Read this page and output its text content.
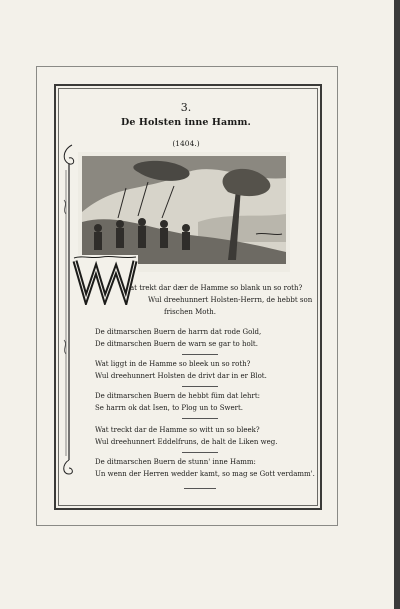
3.
De Holsten inne Hamm.
(1404.)
at trekt dar dær de Hamme so blank un so roth?
Wul dreehunnert Holsten-Herrn, de hebbt son
frischen Moth.
De ditmarschen Buern de harrn dat rode Gold,
De ditmarschen Buern de warn se gar to holt.
Wat liggt in de Hamme so bleek un so roth?
Wul dreehunnert Holsten de drivt dar in er Blot.
De ditmarschen Buern de hebbt füm dat lehrt:
Se harrn ok dat Isen, to Plog un to Swert.
Wat treckt dar de Hamme so witt un so bleek?
Wul dreehunnert Eddelfruns, de halt de Liken weg.
De ditmarschen Buern de stunn' inne Hamm:
Un wenn der Herren wedder kamt, so mag se Gott verdamm'.
